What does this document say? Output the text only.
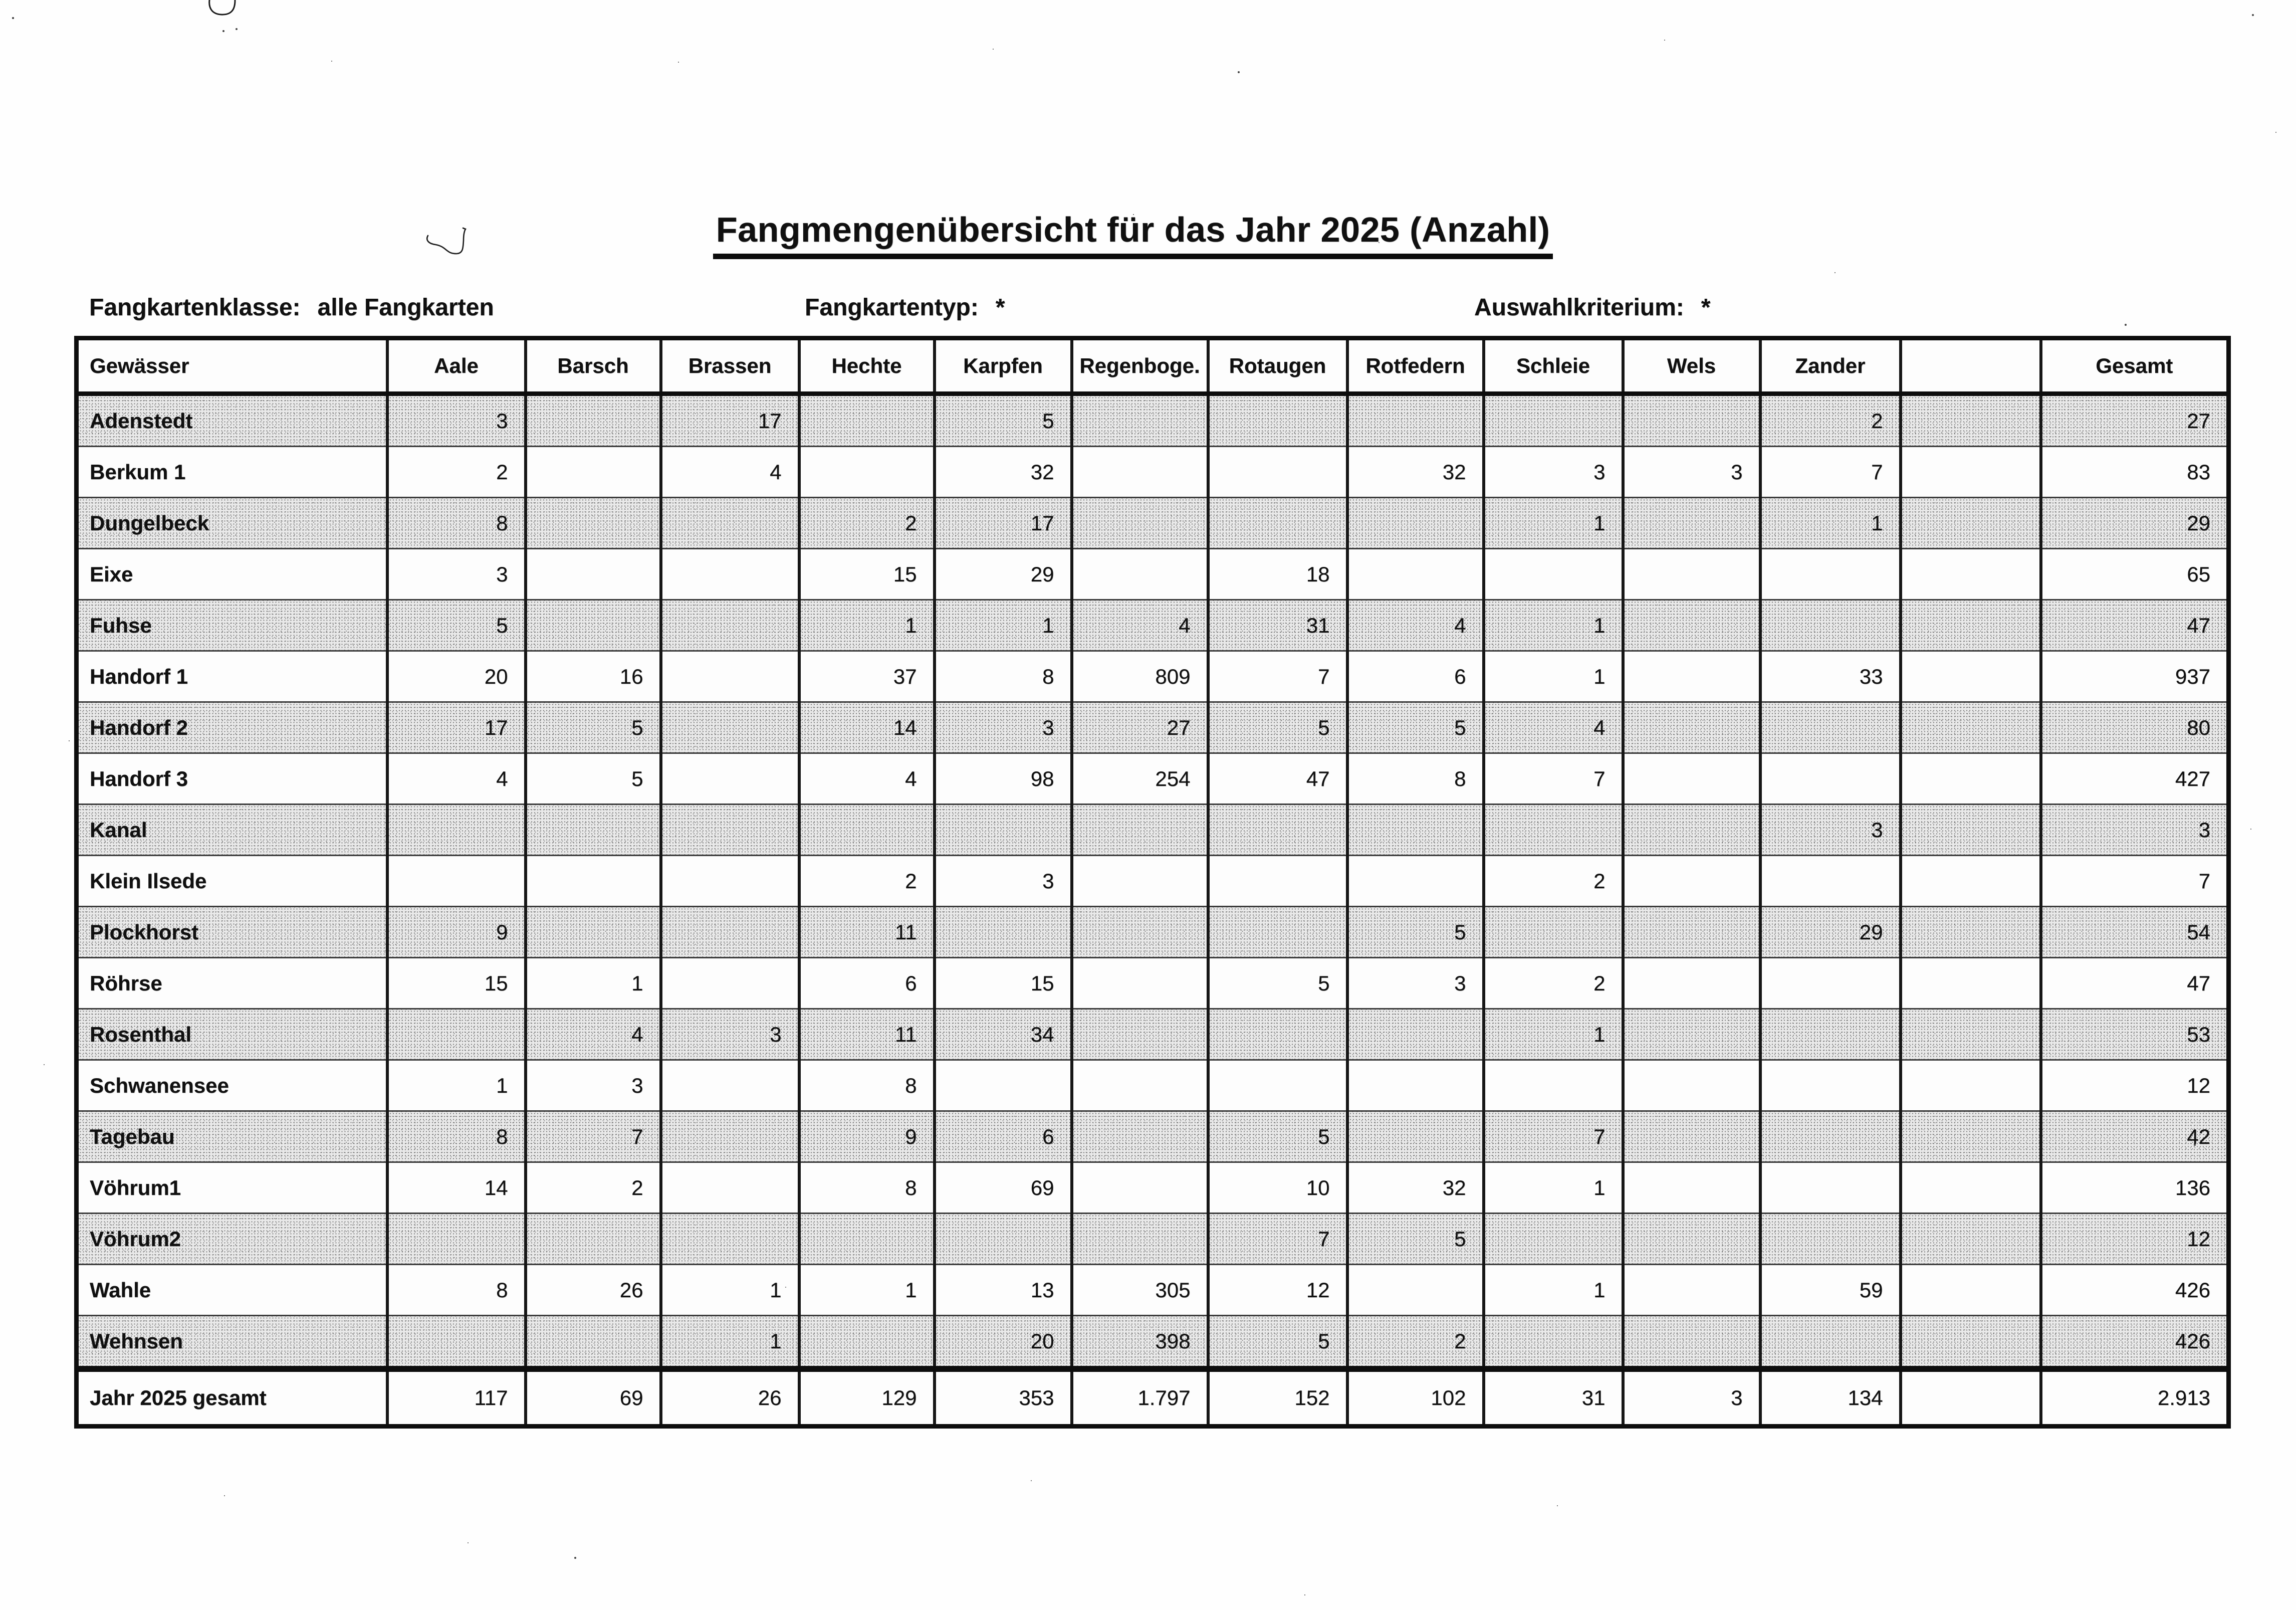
Fangmengenübersicht für das Jahr 2025 (Anzahl)
Fangkartenklasse: alle Fangkarten	Fangkartentyp: *	Auswahlkriterium: *
Gewässer	Aale	Barsch	Brassen	Hechte	Karpfen	Regenboge.	Rotaugen	Rotfedern	Schleie	Wels	Zander		Gesamt
Adenstedt	3		17		5						2		27
Berkum 1	2		4		32			32	3	3	7		83
Dungelbeck	8			2	17				1		1		29
Eixe	3			15	29		18						65
Fuhse	5			1	1	4	31	4	1				47
Handorf 1	20	16		37	8	809	7	6	1		33		937
Handorf 2	17	5		14	3	27	5	5	4				80
Handorf 3	4	5		4	98	254	47	8	7				427
Kanal											3		3
Klein Ilsede				2	3				2				7
Plockhorst	9			11				5			29		54
Röhrse	15	1		6	15		5	3	2				47
Rosenthal		4	3	11	34				1				53
Schwanensee	1	3		8									12
Tagebau	8	7		9	6		5		7				42
Vöhrum1	14	2		8	69		10	32	1				136
Vöhrum2							7	5					12
Wahle	8	26	1	1	13	305	12		1		59		426
Wehnsen			1		20	398	5	2					426
Jahr 2025 gesamt	117	69	26	129	353	1.797	152	102	31	3	134		2.913
